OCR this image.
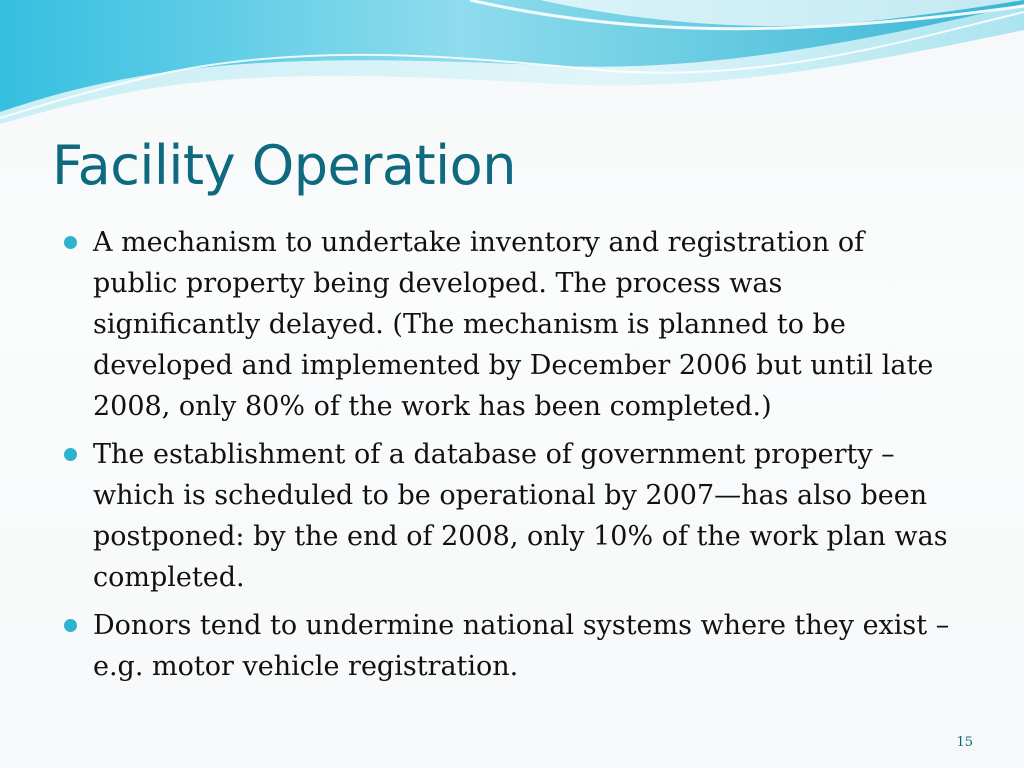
Facility Operation
A mechanism to undertake inventory and registration of public property being developed. The process was significantly delayed. (The mechanism is planned to be developed and implemented by December 2006 but until late 2008, only 80% of the work has been completed.)
The establishment of a database of government property – which is scheduled to be operational by 2007—has also been postponed: by the end of 2008, only 10% of the work plan was completed.
Donors tend to undermine national systems where they exist – e.g. motor vehicle registration.
15
